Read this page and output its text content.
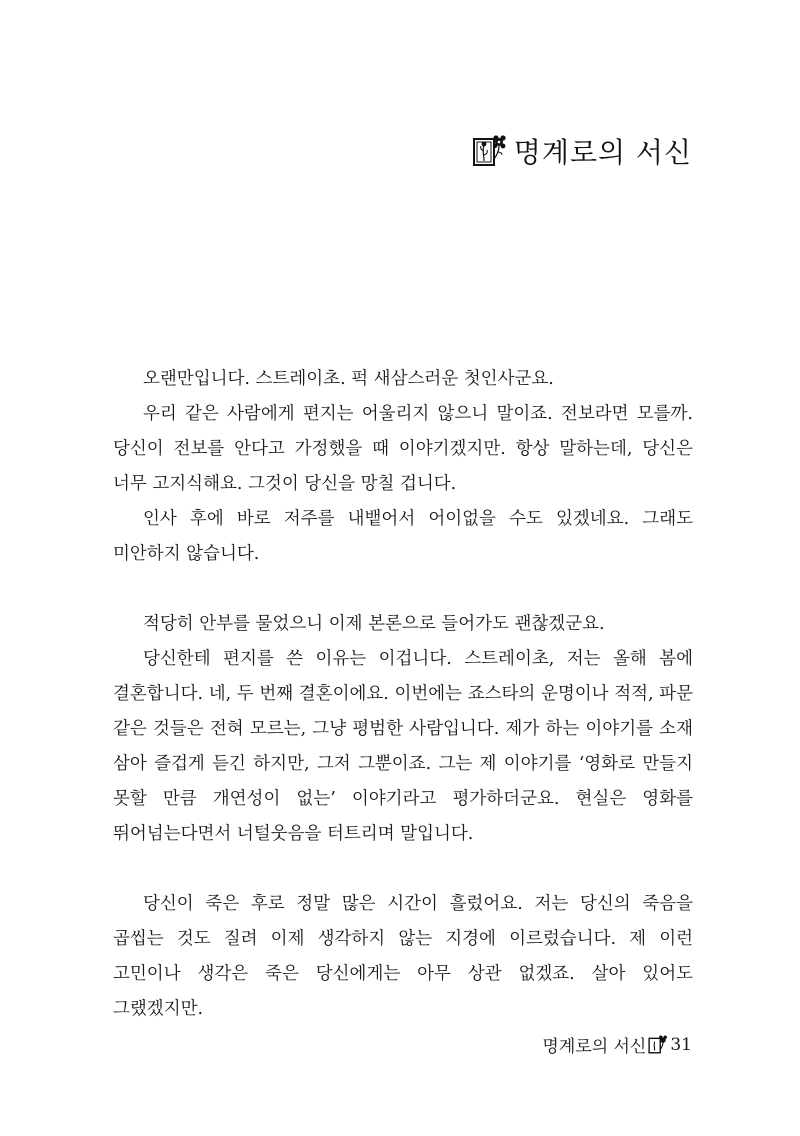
명계로의 서신

오랜만입니다. 스트레이초. 퍽 새삼스러운 첫인사군요.

우리 같은 사람에게 편지는 어울리지 않으니 말이죠. 전보라면 모를까. 당신이 전보를 안다고 가정했을 때 이야기겠지만. 항상 말하는데, 당신은 너무 고지식해요. 그것이 당신을 망칠 겁니다.

인사 후에 바로 저주를 내뱉어서 어이없을 수도 있겠네요. 그래도 미안하지 않습니다.

적당히 안부를 물었으니 이제 본론으로 들어가도 괜찮겠군요.

당신한테 편지를 쓴 이유는 이겁니다. 스트레이초, 저는 올해 봄에 결혼합니다. 네, 두 번째 결혼이에요. 이번에는 죠스타의 운명이나 적적, 파문 같은 것들은 전혀 모르는, 그냥 평범한 사람입니다. 제가 하는 이야기를 소재 삼아 즐겁게 듣긴 하지만, 그저 그뿐이죠. 그는 제 이야기를 ‘영화로 만들지 못할 만큼 개연성이 없는’ 이야기라고 평가하더군요. 현실은 영화를 뛰어넘는다면서 너털웃음을 터트리며 말입니다.

당신이 죽은 후로 정말 많은 시간이 흘렀어요. 저는 당신의 죽음을 곱씹는 것도 질려 이제 생각하지 않는 지경에 이르렀습니다. 제 이런 고민이나 생각은 죽은 당신에게는 아무 상관 없겠죠. 살아 있어도 그랬겠지만.

명계로의 서신 31
